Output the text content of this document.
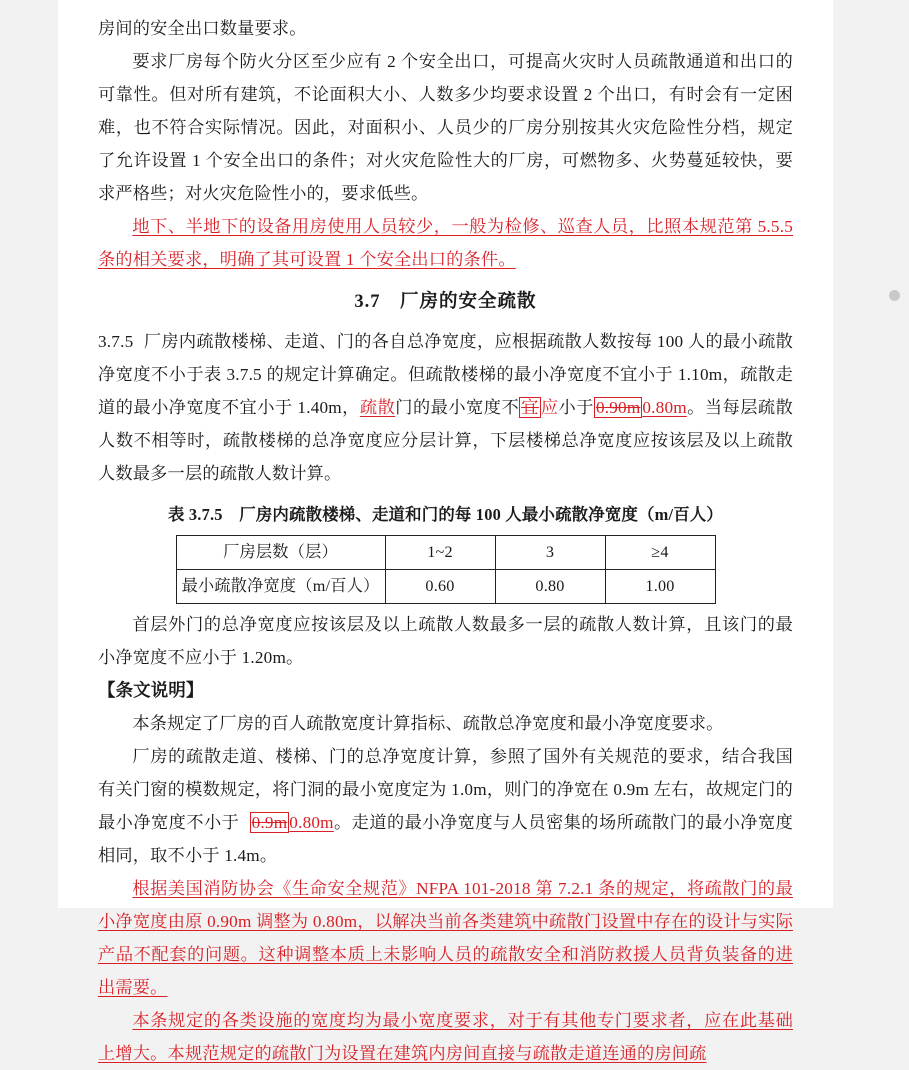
房间的安全出口数量要求。

要求厂房每个防火分区至少应有 2 个安全出口，可提高火灾时人员疏散通道和出口的可靠性。但对所有建筑，不论面积大小、人数多少均要求设置 2 个出口，有时会有一定困难，也不符合实际情况。因此，对面积小、人员少的厂房分别按其火灾危险性分档，规定了允许设置 1 个安全出口的条件；对火灾危险性大的厂房，可燃物多、火势蔓延较快，要求严格些；对火灾危险性小的，要求低些。

地下、半地下的设备用房使用人员较少，一般为检修、巡查人员，比照本规范第 5.5.5 条的相关要求，明确了其可设置 1 个安全出口的条件。

3.7　厂房的安全疏散

3.7.5 厂房内疏散楼梯、走道、门的各自总净宽度，应根据疏散人数按每 100 人的最小疏散净宽度不小于表 3.7.5 的规定计算确定。但疏散楼梯的最小净宽度不宜小于 1.10m，疏散走道的最小净宽度不宜小于 1.40m，疏散门的最小宽度不 宜 应小于 0.90m 0.80m。当每层疏散人数不相等时，疏散楼梯的总净宽度应分层计算，下层楼梯总净宽度应按该层及以上疏散人数最多一层的疏散人数计算。

表 3.7.5　厂房内疏散楼梯、走道和门的每 100 人最小疏散净宽度（m/百人）
厂房层数（层）	1~2	3	≥4
最小疏散净宽度（m/百人）	0.60	0.80	1.00

首层外门的总净宽度应按该层及以上疏散人数最多一层的疏散人数计算，且该门的最小净宽度不应小于 1.20m。

【条文说明】

本条规定了厂房的百人疏散宽度计算指标、疏散总净宽度和最小净宽度要求。

厂房的疏散走道、楼梯、门的总净宽度计算，参照了国外有关规范的要求，结合我国有关门窗的模数规定，将门洞的最小宽度定为 1.0m，则门的净宽在 0.9m 左右，故规定门的最小净宽度不小于 0.9m 0.80m。走道的最小净宽度与人员密集的场所疏散门的最小净宽度相同，取不小于 1.4m。

根据美国消防协会《生命安全规范》NFPA 101-2018 第 7.2.1 条的规定，将疏散门的最小净宽度由原 0.90m 调整为 0.80m，以解决当前各类建筑中疏散门设置中存在的设计与实际产品不配套的问题。这种调整本质上未影响人员的疏散安全和消防救援人员背负装备的进出需要。

本条规定的各类设施的宽度均为最小宽度要求，对于有其他专门要求者，应在此基础上增大。本规范规定的疏散门为设置在建筑内房间直接与疏散走道连通的房间疏
